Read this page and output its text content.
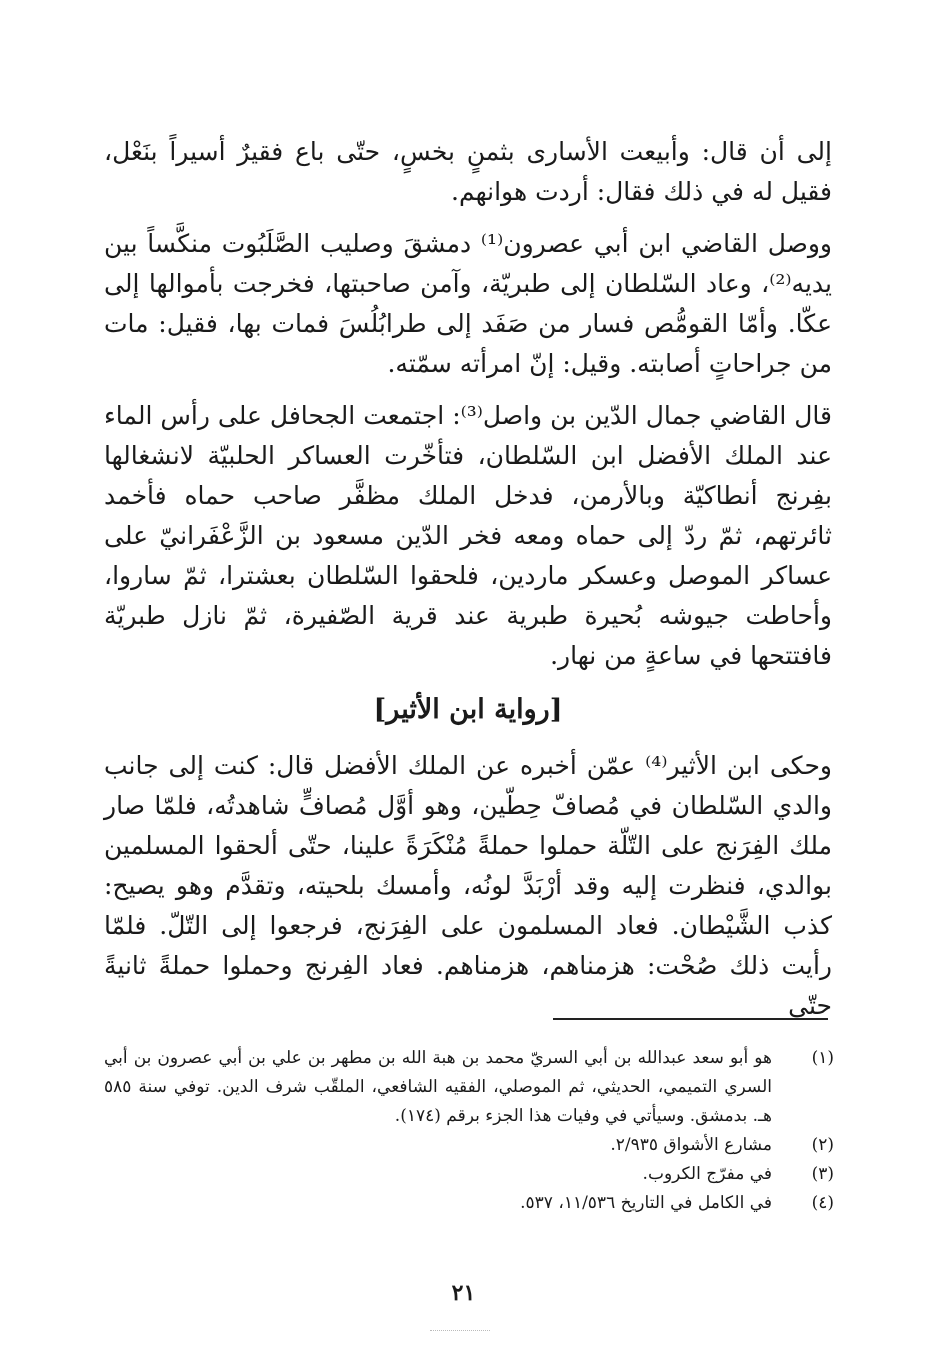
إلى أن قال: وأبيعت الأسارى بثمنٍ بخسٍ، حتّى باع فقيرٌ أسيراً بنَعْل، فقيل له في ذلك فقال: أردت هوانهم.

ووصل القاضي ابن أبي عصرون⁽¹⁾ دمشقَ وصليب الصَّلَبُوت منكَّساً بين يديه⁽²⁾، وعاد السّلطان إلى طبريّة، وآمن صاحبتها، فخرجت بأموالها إلى عكّا. وأمّا القومُّص فسار من صَفَد إلى طرابُلُسَ فمات بها، فقيل: مات من جراحاتٍ أصابته. وقيل: إنّ امرأته سمّته.

قال القاضي جمال الدّين بن واصل⁽³⁾: اجتمعت الجحافل على رأس الماء عند الملك الأفضل ابن السّلطان، فتأخّرت العساكر الحلبيّة لانشغالها بفِرنج أنطاكيّة وبالأرمن، فدخل الملك مظفَّر صاحب حماه فأخمد ثائرتهم، ثمّ ردّ إلى حماه ومعه فخر الدّين مسعود بن الزَّعْفَرانيّ على عساكر الموصل وعسكر ماردين، فلحقوا السّلطان بعشترا، ثمّ ساروا، وأحاطت جيوشه بُحيرة طبرية عند قرية الصّفيرة، ثمّ نازل طبريّة فافتتحها في ساعةٍ من نهار.

[رواية ابن الأثير]

وحكى ابن الأثير⁽⁴⁾ عمّن أخبره عن الملك الأفضل قال: كنت إلى جانب والدي السّلطان في مُصافّ حِطّين، وهو أوَّل مُصافٍّ شاهدتُه، فلمّا صار ملك الفِرَنج على التّلّة حملوا حملةً مُنْكَرَةً علينا، حتّى ألحقوا المسلمين بوالدي، فنظرت إليه وقد أرْبَدَّ لونُه، وأمسك بلحيته، وتقدَّم وهو يصيح: كذب الشَّيْطان. فعاد المسلمون على الفِرَنج، فرجعوا إلى التّلّ. فلمّا رأيت ذلك صُحْت: هزمناهم، هزمناهم. فعاد الفِرنج وحملوا حملةً ثانيةً حتّى

(١)
هو أبو سعد عبدالله بن أبي السريّ محمد بن هبة الله بن مطهر بن علي بن أبي عصرون بن أبي السري التميمي، الحديثي، ثم الموصلي، الفقيه الشافعي، الملقّب شرف الدين. توفي سنة ٥٨٥ هـ. بدمشق. وسيأتي في وفيات هذا الجزء برقم (١٧٤).
(٢)
مشارع الأشواق ٢/٩٣٥.
(٣)
في مفرّج الكروب.
(٤)
في الكامل في التاريخ ١١/٥٣٦، ٥٣٧.
٢١
